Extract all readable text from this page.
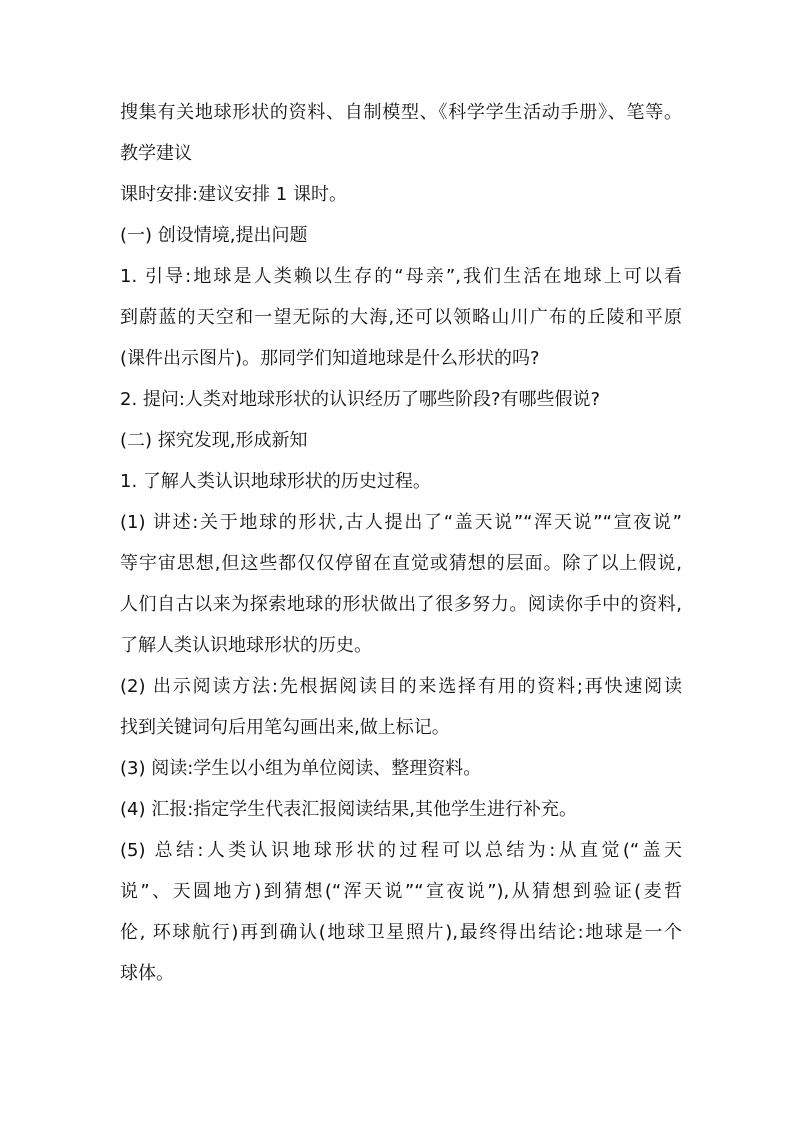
搜集有关地球形状的资料、自制模型、《科学学生活动手册》、笔等。
教学建议
课时安排:建议安排 1 课时。
(一) 创设情境,提出问题
1. 引导:地球是人类赖以生存的“母亲”,我们生活在地球上可以看
到蔚蓝的天空和一望无际的大海,还可以领略山川广布的丘陵和平原
(课件出示图片)。那同学们知道地球是什么形状的吗?
2. 提问:人类对地球形状的认识经历了哪些阶段?有哪些假说?
(二) 探究发现,形成新知
1. 了解人类认识地球形状的历史过程。
(1) 讲述:关于地球的形状,古人提出了“盖天说”“浑天说”“宣夜说”
等宇宙思想,但这些都仅仅停留在直觉或猜想的层面。除了以上假说,
人们自古以来为探索地球的形状做出了很多努力。阅读你手中的资料,
了解人类认识地球形状的历史。
(2) 出示阅读方法:先根据阅读目的来选择有用的资料;再快速阅读
找到关键词句后用笔勾画出来,做上标记。
(3) 阅读:学生以小组为单位阅读、整理资料。
(4) 汇报:指定学生代表汇报阅读结果,其他学生进行补充。
(5) 总结:人类认识地球形状的过程可以总结为:从直觉(“盖天
说”、天圆地方)到猜想(“浑天说”“宣夜说”),从猜想到验证(麦哲
伦, 环球航行)再到确认(地球卫星照片),最终得出结论:地球是一个
球体。
